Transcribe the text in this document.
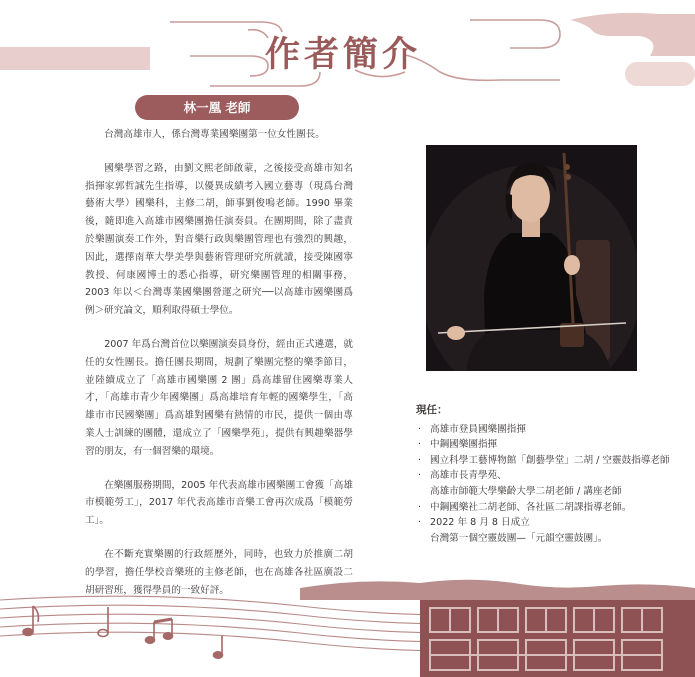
作者簡介
林一凰 老師

台灣高雄市人，係台灣專業國樂團第一位女性團長。

國樂學習之路，由劉文熙老師啟蒙，之後接受高雄市知名指揮家郭哲誠先生指導，以優異成績考入國立藝專（現爲台灣藝術大學）國樂科，主修二胡，師事劉俊鳴老師。1990 畢業後，隨即進入高雄市國樂團擔任演奏員。在團期間，除了盡責於樂團演奏工作外，對音樂行政與樂團管理也有強烈的興趣，因此，選擇南華大學美學與藝術管理研究所就讀，接受陳國寧教授、何康國博士的悉心指導，研究樂團管理的相關事務，2003 年以＜台灣專業國樂團營運之研究──以高雄市國樂團爲例＞研究論文，順利取得碩士學位。

2007 年爲台灣首位以樂團演奏員身份，經由正式遴選，就任的女性團長。擔任團長期間，規劃了樂團完整的樂季節目，並陸續成立了「高雄市國樂團 2 團」爲高雄留住國樂專業人才，「高雄市青少年國樂團」爲高雄培育年輕的國樂學生，「高雄市市民國樂團」爲高雄對國樂有熱情的市民，提供一個由專業人士訓練的團體，還成立了「國樂學苑」，提供有興趣樂器學習的朋友，有一個習樂的環境。

在樂團服務期間，2005 年代表高雄市國樂團工會獲「高雄市模範勞工」，2017 年代表高雄市音樂工會再次成爲「模範勞工」。

在不斷充實樂團的行政經歷外，同時，也致力於推廣二胡的學習，擔任學校音樂班的主修老師，也在高雄各社區廣設二胡研習班，獲得學員的一致好評。

現任：
· 高雄市登員國樂團指揮
· 中鋼國樂團指揮
· 國立科學工藝博物館「創藝學堂」二胡 / 空靈鼓指導老師
· 高雄市長青學苑、
高雄市師範大學樂齡大學二胡老師 / 講座老師
· 中鋼國樂社二胡老師、各社區二胡課指導老師。
· 2022 年 8 月 8 日成立
台灣第一個空靈鼓團—「元韻空靈鼓團」。
